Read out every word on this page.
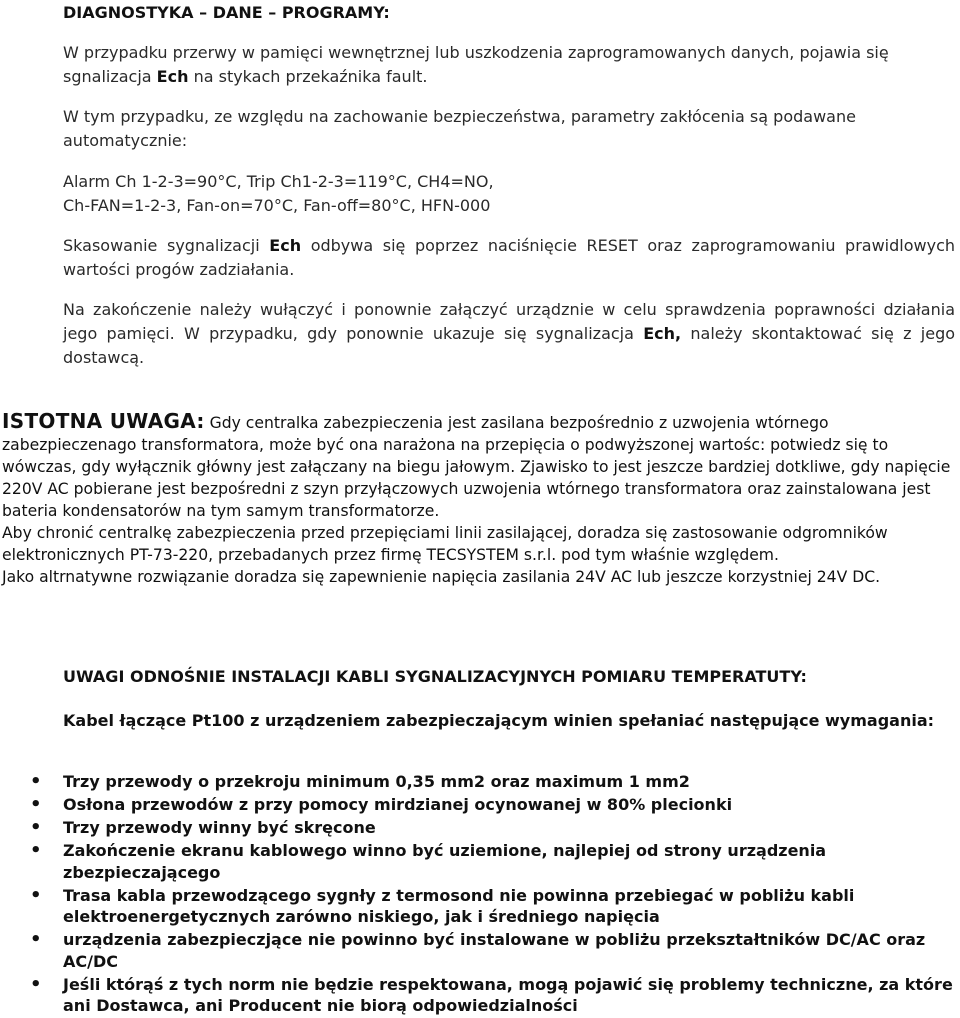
DIAGNOSTYKA – DANE – PROGRAMY:

W przypadku przerwy w pamięci wewnętrznej lub uszkodzenia zaprogramowanych danych, pojawia się sgnalizacja Ech na stykach przekaźnika fault.

W tym przypadku, ze względu na zachowanie bezpieczeństwa, parametry zakłócenia są podawane automatycznie:

Alarm Ch 1-2-3=90°C, Trip Ch1-2-3=119°C, CH4=NO,
Ch-FAN=1-2-3, Fan-on=70°C, Fan-off=80°C, HFN-000

Skasowanie sygnalizacji Ech odbywa się poprzez naciśnięcie RESET oraz zaprogramowaniu prawidlowych wartości progów zadziałania.

Na zakończenie należy wułączyć i ponownie załączyć urządznie w celu sprawdzenia poprawności działania jego pamięci. W przypadku, gdy ponownie ukazuje się sygnalizacja Ech, należy skontaktować się z jego dostawcą.

ISTOTNA UWAGA: Gdy centralka zabezpieczenia jest zasilana bezpośrednio z uzwojenia wtórnego zabezpieczenago transformatora, może być ona narażona na przepięcia o podwyższonej wartośc: potwiedz się to wówczas, gdy wyłącznik główny jest załączany na biegu jałowym. Zjawisko to jest jeszcze bardziej dotkliwe, gdy napięcie 220V AC pobierane jest bezpośredni z szyn przyłączowych uzwojenia wtórnego transformatora oraz zainstalowana jest bateria kondensatorów na tym samym transformatorze.
Aby chronić centralkę zabezpieczenia przed przepięciami linii zasilającej, doradza się zastosowanie odgromników elektronicznych PT-73-220, przebadanych przez firmę TECSYSTEM s.r.l. pod tym właśnie względem.
Jako altrnatywne rozwiązanie doradza się zapewnienie napięcia zasilania 24V AC lub jeszcze korzystniej 24V DC.
UWAGI ODNOŚNIE INSTALACJI KABLI SYGNALIZACYJNYCH POMIARU TEMPERATUTY:
Kabel łączące Pt100 z urządzeniem zabezpieczającym winien spełaniać następujące wymagania:
• Trzy przewody o przekroju minimum 0,35 mm2 oraz maximum 1 mm2
• Osłona przewodów z przy pomocy mirdzianej ocynowanej w 80% plecionki
• Trzy przewody winny być skręcone
• Zakończenie ekranu kablowego winno być uziemione, najlepiej od strony urządzenia zbezpieczającego
• Trasa kabla przewodzącego sygnły z termosond nie powinna przebiegać w pobliżu kabli elektroenergetycznych zarówno niskiego, jak i średniego napięcia
• urządzenia zabezpieczjące nie powinno być instalowane w pobliżu przekształtników DC/AC oraz AC/DC
• Jeśli którąś z tych norm nie będzie respektowana, mogą pojawić się problemy techniczne, za które ani Dostawca, ani Producent nie biorą odpowiedzialności
